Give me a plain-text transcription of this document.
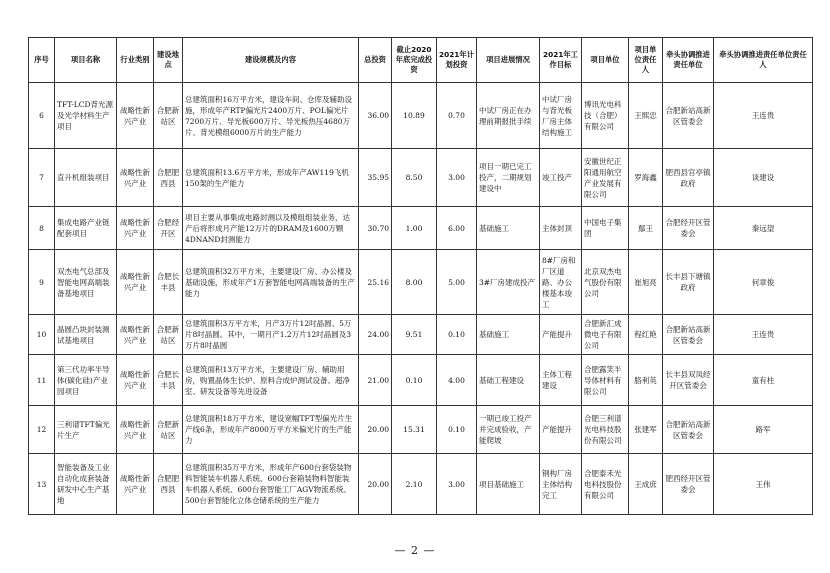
序号	项目名称	行业类别	建设地点	建设规模及内容	总投资	截止2020年底完成投资	2021年计划投资	项目进展情况	2021年工作目标	项目单位	项目单位责任人	牵头协调推进责任单位	牵头协调推进责任单位责任人
6	TFT-LCD背光源及光学材料生产项目	战略性新兴产业	合肥新站区	总建筑面积16万平方米，建设车间、仓库及辅助设施，形成年产RTP偏光片2400万片、POL偏光片7200万片、导光板600万片、导光板热压4680万片、背光模组6000万片的生产能力	36.00	10.89	0.70	中试厂房正在办理前期报批手续	中试厂房与背光板厂房主体结构施工	博讯光电科技（合肥）有限公司	王熙忠	合肥新站高新区管委会	王连贵
7	直升机组装项目	战略性新兴产业	合肥肥西县	总建筑面积13.6万平方米，形成年产AW119飞机150架的生产能力	35.95	8.50	3.00	项目一期已完工投产，二期规划建设中	竣工投产	安徽世纪正阳通用航空产业发展有限公司	罗海鑫	肥西县官亭镇政府	谈建设
8	集成电路产业链配套项目	战略性新兴产业	合肥经开区	项目主要从事集成电路封测以及模组组装业务，达产后将形成月产能12万片的DRAM及1600万颗4DNAND封测能力	30.70	1.00	6.00	基础施工	主体封顶	中国电子集团	鄢王	合肥经开区管委会	秦远望
9	双杰电气总部及智能电网高端装备基地项目	战略性新兴产业	合肥长丰县	总建筑面积32万平方米，主要建设厂房、办公楼及基础设施，形成年产1万套智能电网高端装备的生产能力	25.16	8.00	5.00	3#厂房建成投产	8#厂房和厂区道路、办公楼基本竣工	北京双杰电气股份有限公司	崔旭亮	长丰县下塘镇政府	何章俊
10	晶圆凸块封装测试基地项目	战略性新兴产业	合肥新站区	总建筑面积3万平方米，月产3万片12吋晶圆、5万片8吋晶圆。其中，一期月产1.2万片12吋晶圆及3万片8吋晶圆	24.00	9.51	0.10	基础施工	产能提升	合肥新汇成微电子有限公司	程红艳	合肥新站高新区管委会	王连贵
11	第三代功率半导体(碳化硅)产业园项目	战略性新兴产业	合肥长丰县	总建筑面积13万平方米，主要建设厂房、辅助用房，购置晶体生长炉、原料合成炉测试设备、超净室、研发设备等先进设备	21.00	0.10	4.00	基础工程建设	主体工程建设	合肥露笑半导体材料有限公司	胳利英	长丰县双凤经开区管委会	童有柱
12	三利谱TFT偏光片生产	战略性新兴产业	合肥新站区	总建筑面积18万平方米，建设宽幅TFT型偏光片生产线6条，形成年产8000万平方米偏光片的生产能力	20.00	15.31	0.10	一期已竣工投产并完成验收，产能爬坡	产能提升	合肥三利谱光电科技股份有限公司	张建军	合肥新站高新区管委会	路军
13	智能装备及工业自动化成套装备研发中心生产基地	战略性新兴产业	合肥肥西县	总建筑面积35万平方米，形成年产600台套袋装物料智能装车机器人系统、600台套箱装物料智能装车机器人系统、600台套智能工厂AGV物流系统、500台套智能化立体仓储系统的生产能力	20.00	2.10	3.00	项目基础施工	钢构厂房主体结构完工	合肥泰禾光电科技股份有限公司	王成庶	肥西经开区管委会	王伟
— 2 —
